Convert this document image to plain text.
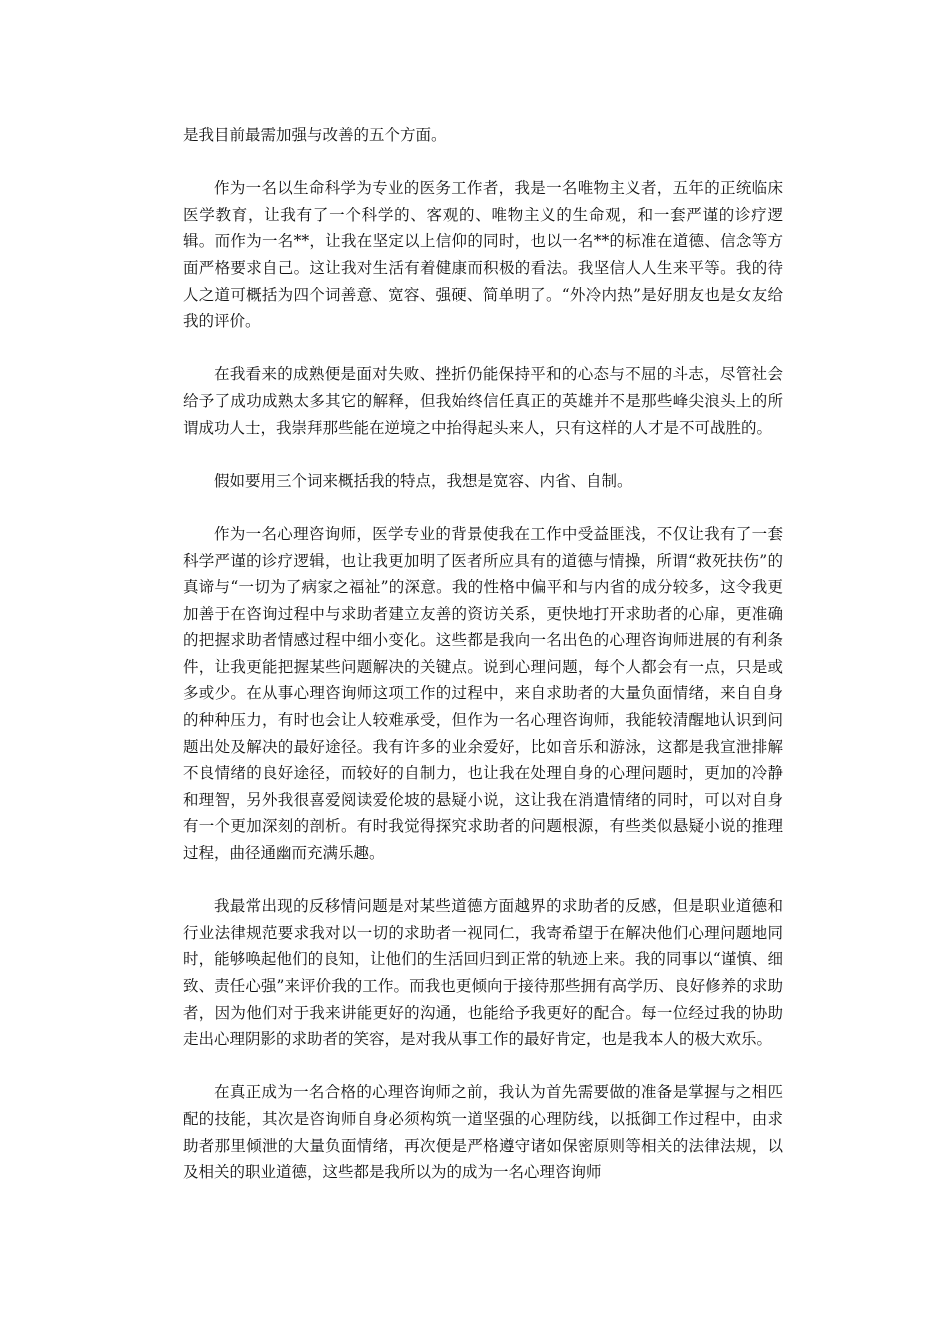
是我目前最需加强与改善的五个方面。

作为一名以生命科学为专业的医务工作者，我是一名唯物主义者，五年的正统临床医学教育，让我有了一个科学的、客观的、唯物主义的生命观，和一套严谨的诊疗逻辑。而作为一名**，让我在坚定以上信仰的同时，也以一名**的标准在道德、信念等方面严格要求自己。这让我对生活有着健康而积极的看法。我坚信人人生来平等。我的待人之道可概括为四个词善意、宽容、强硬、简单明了。“外冷内热”是好朋友也是女友给我的评价。

在我看来的成熟便是面对失败、挫折仍能保持平和的心态与不屈的斗志，尽管社会给予了成功成熟太多其它的解释，但我始终信任真正的英雄并不是那些峰尖浪头上的所谓成功人士，我崇拜那些能在逆境之中抬得起头来人，只有这样的人才是不可战胜的。

假如要用三个词来概括我的特点，我想是宽容、内省、自制。

作为一名心理咨询师，医学专业的背景使我在工作中受益匪浅，不仅让我有了一套科学严谨的诊疗逻辑，也让我更加明了医者所应具有的道德与情操，所谓“救死扶伤”的真谛与“一切为了病家之福祉”的深意。我的性格中偏平和与内省的成分较多，这令我更加善于在咨询过程中与求助者建立友善的资访关系，更快地打开求助者的心扉，更准确的把握求助者情感过程中细小变化。这些都是我向一名出色的心理咨询师进展的有利条件，让我更能把握某些问题解决的关键点。说到心理问题，每个人都会有一点，只是或多或少。在从事心理咨询师这项工作的过程中，来自求助者的大量负面情绪，来自自身的种种压力，有时也会让人较难承受，但作为一名心理咨询师，我能较清醒地认识到问题出处及解决的最好途径。我有许多的业余爱好，比如音乐和游泳，这都是我宣泄排解不良情绪的良好途径，而较好的自制力，也让我在处理自身的心理问题时，更加的冷静和理智，另外我很喜爱阅读爱伦坡的悬疑小说，这让我在消遣情绪的同时，可以对自身有一个更加深刻的剖析。有时我觉得探究求助者的问题根源，有些类似悬疑小说的推理过程，曲径通幽而充满乐趣。

我最常出现的反移情问题是对某些道德方面越界的求助者的反感，但是职业道德和行业法律规范要求我对以一切的求助者一视同仁，我寄希望于在解决他们心理问题地同时，能够唤起他们的良知，让他们的生活回归到正常的轨迹上来。我的同事以“谨慎、细致、责任心强”来评价我的工作。而我也更倾向于接待那些拥有高学历、良好修养的求助者，因为他们对于我来讲能更好的沟通，也能给予我更好的配合。每一位经过我的协助走出心理阴影的求助者的笑容，是对我从事工作的最好肯定，也是我本人的极大欢乐。

在真正成为一名合格的心理咨询师之前，我认为首先需要做的准备是掌握与之相匹配的技能，其次是咨询师自身必须构筑一道坚强的心理防线，以抵御工作过程中，由求助者那里倾泄的大量负面情绪，再次便是严格遵守诸如保密原则等相关的法律法规，以及相关的职业道德，这些都是我所以为的成为一名心理咨询师
